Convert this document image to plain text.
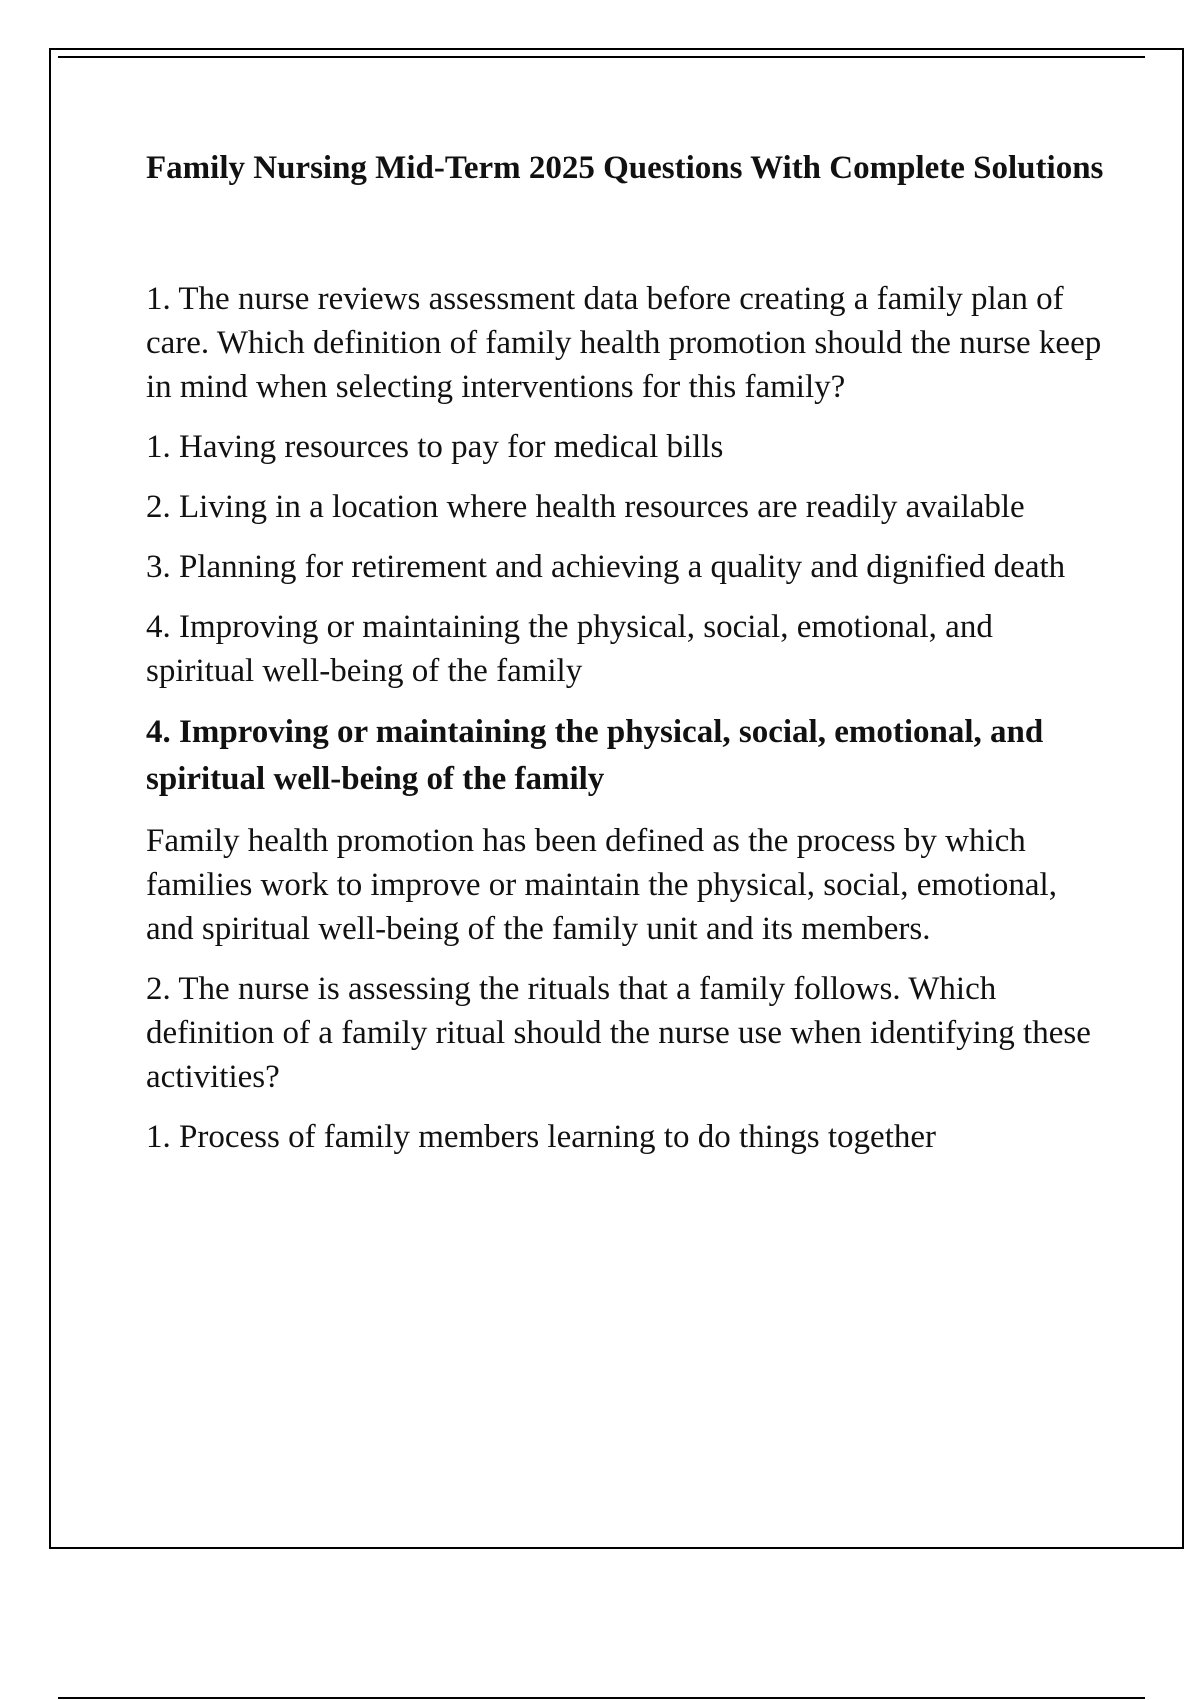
Family Nursing Mid-Term 2025 Questions With Complete Solutions

1. The nurse reviews assessment data before creating a family plan of care. Which definition of family health promotion should the nurse keep in mind when selecting interventions for this family?

1. Having resources to pay for medical bills

2. Living in a location where health resources are readily available

3. Planning for retirement and achieving a quality and dignified death

4. Improving or maintaining the physical, social, emotional, and spiritual well-being of the family

4. Improving or maintaining the physical, social, emotional, and spiritual well-being of the family

Family health promotion has been defined as the process by which families work to improve or maintain the physical, social, emotional, and spiritual well-being of the family unit and its members.

2. The nurse is assessing the rituals that a family follows. Which definition of a family ritual should the nurse use when identifying these activities?

1. Process of family members learning to do things together
